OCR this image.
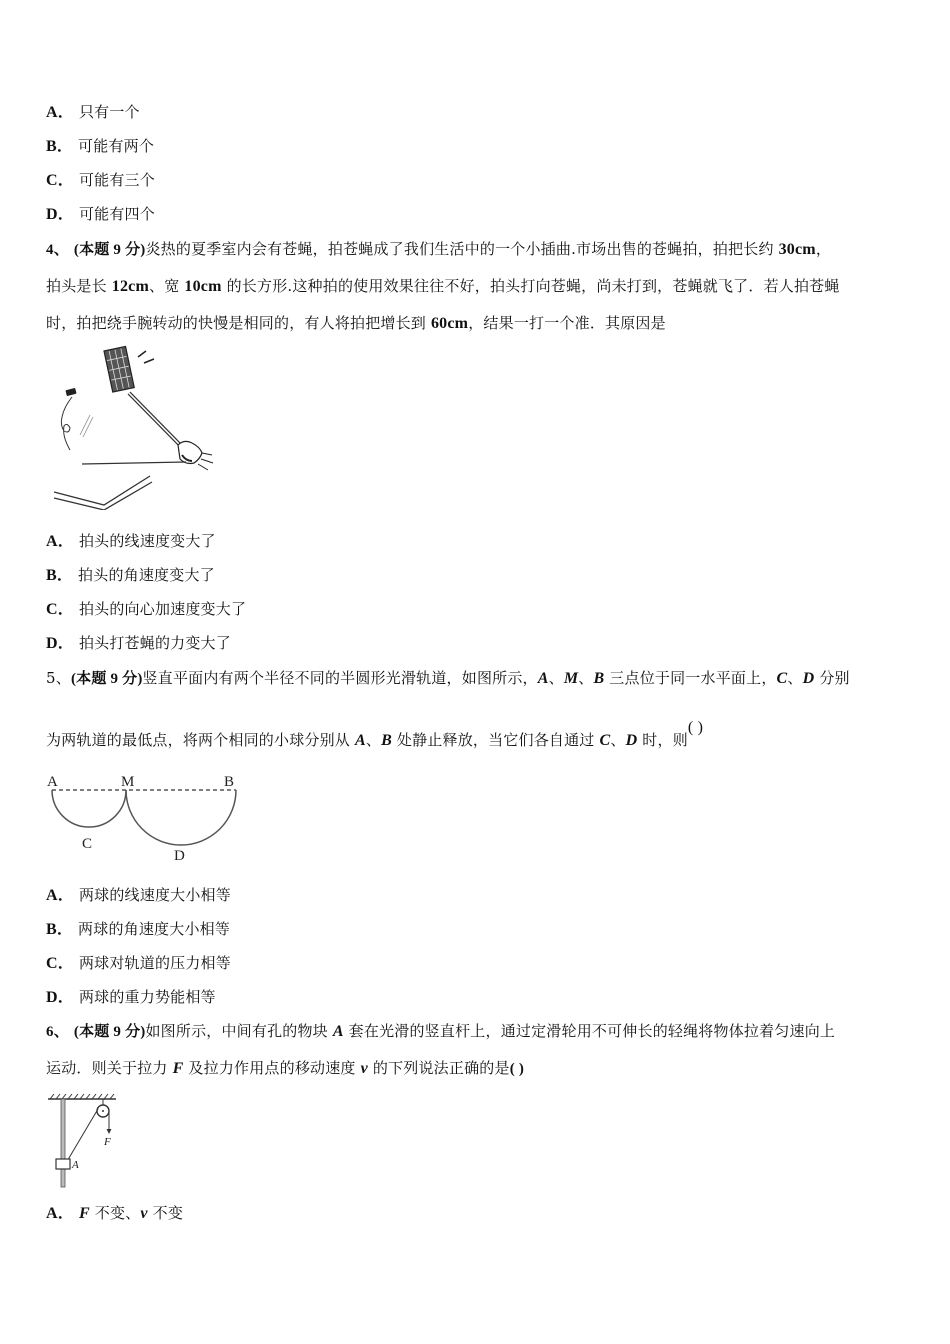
A． 只有一个
B． 可能有两个
C． 可能有三个
D． 可能有四个
4、 (本题 9 分)炎热的夏季室内会有苍蝇，拍苍蝇成了我们生活中的一个小插曲.市场出售的苍蝇拍，拍把长约 30cm，
拍头是长 12cm、宽 10cm 的长方形.这种拍的使用效果往往不好，拍头打向苍蝇，尚未打到，苍蝇就飞了．若人拍苍蝇
时，拍把绕手腕转动的快慢是相同的，有人将拍把增长到 60cm，结果一打一个准．其原因是
A． 拍头的线速度变大了
B． 拍头的角速度变大了
C． 拍头的向心加速度变大了
D． 拍头打苍蝇的力变大了
5、(本题 9 分)竖直平面内有两个半径不同的半圆形光滑轨道，如图所示，A、M、B 三点位于同一水平面上，C、D 分别
为两轨道的最低点，将两个相同的小球分别从 A、B 处静止释放，当它们各自通过 C、D 时，则( )
A	M	B
C
D
A． 两球的线速度大小相等
B． 两球的角速度大小相等
C． 两球对轨道的压力相等
D． 两球的重力势能相等
6、 (本题 9 分)如图所示，中间有孔的物块 A 套在光滑的竖直杆上，通过定滑轮用不可伸长的轻绳将物体拉着匀速向上
运动．则关于拉力 F 及拉力作用点的移动速度 v 的下列说法正确的是( )
F
A
A． F 不变、v 不变
